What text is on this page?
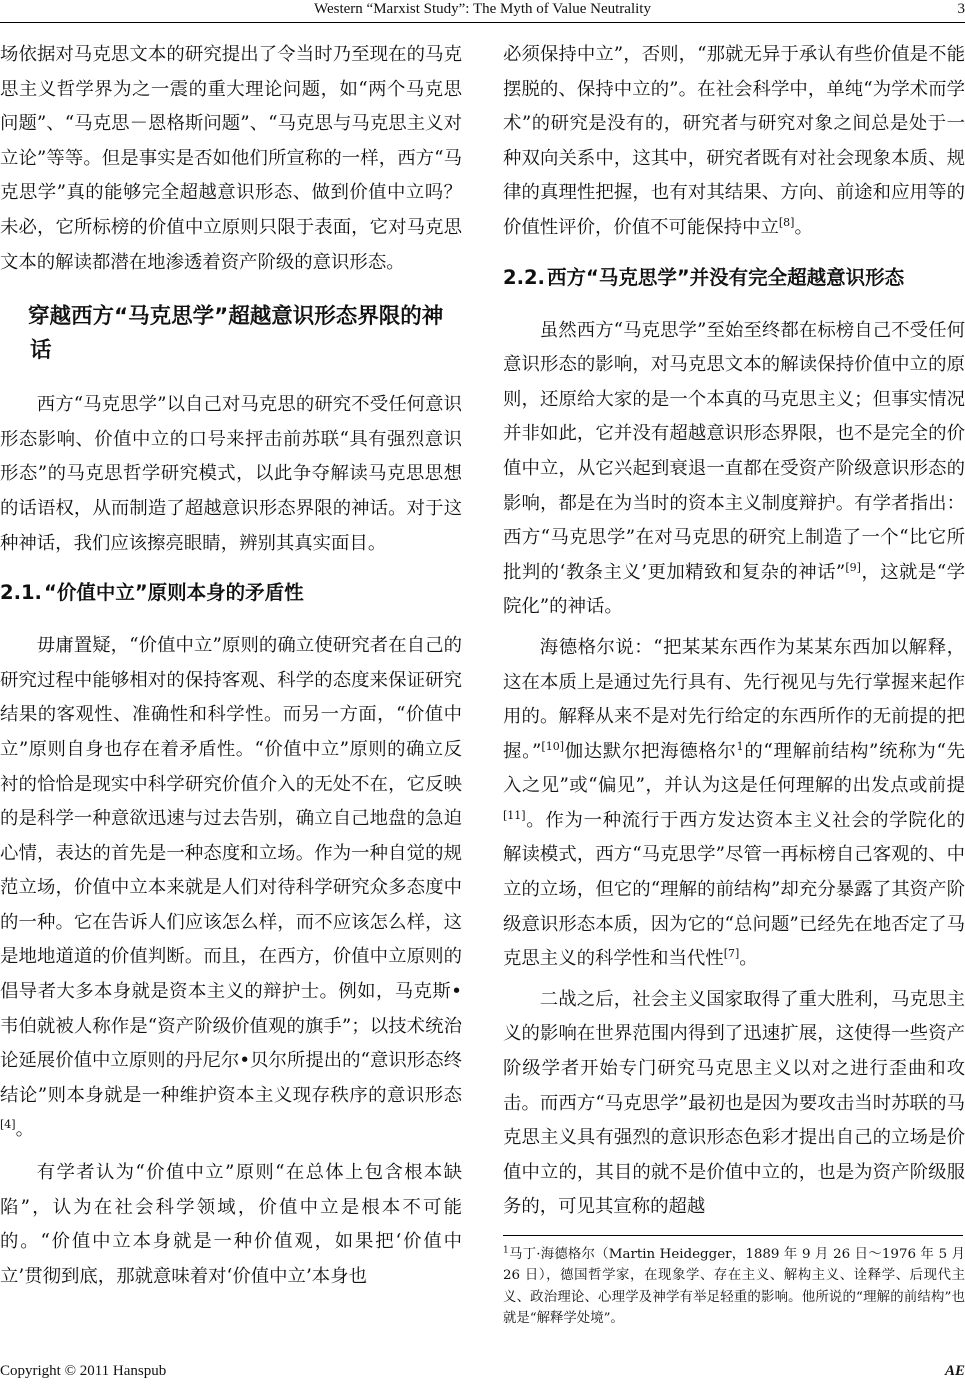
Western “Marxist Study”: The Myth of Value Neutrality	3

场依据对马克思文本的研究提出了令当时乃至现在的马克思主义哲学界为之一震的重大理论问题，如“两个马克思问题”、“马克思－恩格斯问题”、“马克思与马克思主义对立论”等等。但是事实是否如他们所宣称的一样，西方“马克思学”真的能够完全超越意识形态、做到价值中立吗？未必，它所标榜的价值中立原则只限于表面，它对马克思文本的解读都潜在地渗透着资产阶级的意识形态。

穿越西方“马克思学”超越意识形态界限的神话

西方“马克思学”以自己对马克思的研究不受任何意识形态影响、价值中立的口号来抨击前苏联“具有强烈意识形态”的马克思哲学研究模式，以此争夺解读马克思思想的话语权，从而制造了超越意识形态界限的神话。对于这种神话，我们应该擦亮眼睛，辨别其真实面目。

2.1. “价值中立”原则本身的矛盾性

毋庸置疑，“价值中立”原则的确立使研究者在自己的研究过程中能够相对的保持客观、科学的态度来保证研究结果的客观性、准确性和科学性。而另一方面，“价值中立”原则自身也存在着矛盾性。“价值中立”原则的确立反衬的恰恰是现实中科学研究价值介入的无处不在，它反映的是科学一种意欲迅速与过去告别，确立自己地盘的急迫心情，表达的首先是一种态度和立场。作为一种自觉的规范立场，价值中立本来就是人们对待科学研究众多态度中的一种。它在告诉人们应该怎么样，而不应该怎么样，这是地地道道的价值判断。而且，在西方，价值中立原则的倡导者大多本身就是资本主义的辩护士。例如，马克斯•韦伯就被人称作是“资产阶级价值观的旗手”；以技术统治论延展价值中立原则的丹尼尔•贝尔所提出的“意识形态终结论”则本身就是一种维护资本主义现存秩序的意识形态[4]。

有学者认为“价值中立”原则“在总体上包含根本缺陷”，认为在社会科学领域，价值中立是根本不可能的。“价值中立本身就是一种价值观，如果把‘价值中立’贯彻到底，那就意味着对‘价值中立’本身也

必须保持中立”，否则，“那就无异于承认有些价值是不能摆脱的、保持中立的”。在社会科学中，单纯“为学术而学术”的研究是没有的，研究者与研究对象之间总是处于一种双向关系中，这其中，研究者既有对社会现象本质、规律的真理性把握，也有对其结果、方向、前途和应用等的价值性评价，价值不可能保持中立[8]。

2.2. 西方“马克思学”并没有完全超越意识形态

虽然西方“马克思学”至始至终都在标榜自己不受任何意识形态的影响，对马克思文本的解读保持价值中立的原则，还原给大家的是一个本真的马克思主义；但事实情况并非如此，它并没有超越意识形态界限，也不是完全的价值中立，从它兴起到衰退一直都在受资产阶级意识形态的影响，都是在为当时的资本主义制度辩护。有学者指出：西方“马克思学”在对马克思的研究上制造了一个“比它所批判的‘教条主义’更加精致和复杂的神话”[9]，这就是“学院化”的神话。

海德格尔说：“把某某东西作为某某东西加以解释，这在本质上是通过先行具有、先行视见与先行掌握来起作用的。解释从来不是对先行给定的东西所作的无前提的把握。”[10]伽达默尔把海德格尔$^1$的“理解前结构”统称为“先入之见”或“偏见”，并认为这是任何理解的出发点或前提[11]。作为一种流行于西方发达资本主义社会的学院化的解读模式，西方“马克思学”尽管一再标榜自己客观的、中立的立场，但它的“理解的前结构”却充分暴露了其资产阶级意识形态本质，因为它的“总问题”已经先在地否定了马克思主义的科学性和当代性[7]。

二战之后，社会主义国家取得了重大胜利，马克思主义的影响在世界范围内得到了迅速扩展，这使得一些资产阶级学者开始专门研究马克思主义以对之进行歪曲和攻击。而西方“马克思学”最初也是因为要攻击当时苏联的马克思主义具有强烈的意识形态色彩才提出自己的立场是价值中立的，其目的就不是价值中立的，也是为资产阶级服务的，可见其宣称的超越

$^1$马丁·海德格尔（Martin Heidegger，1889 年 9 月 26 日～1976 年 5 月 26 日），德国哲学家，在现象学、存在主义、解构主义、诠释学、后现代主义、政治理论、心理学及神学有举足轻重的影响。他所说的“理解的前结构”也就是“解释学处境”。

Copyright © 2011 Hanspub	AE
